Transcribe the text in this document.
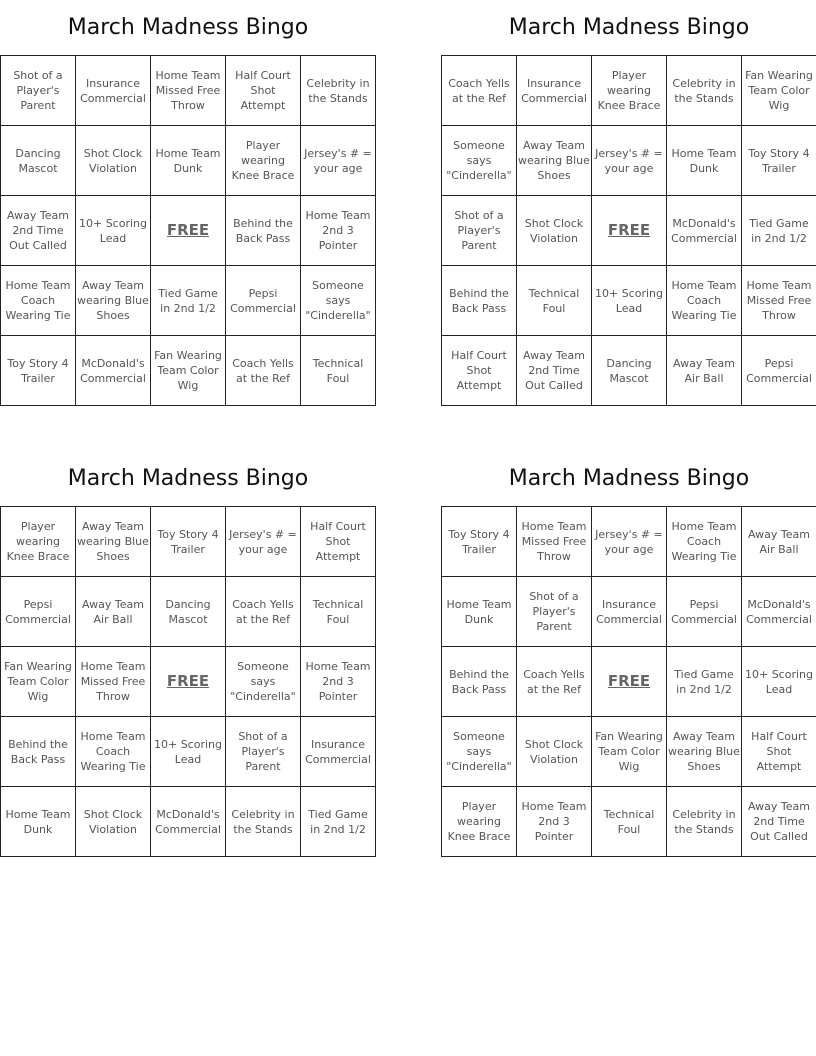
March Madness Bingo
Shot of a Player's Parent	Insurance Commercial	Home Team Missed Free Throw	Half Court Shot Attempt	Celebrity in the Stands
Dancing Mascot	Shot Clock Violation	Home Team Dunk	Player wearing Knee Brace	Jersey's # = your age
Away Team 2nd Time Out Called	10+ Scoring Lead	FREE	Behind the Back Pass	Home Team 2nd 3 Pointer
Home Team Coach Wearing Tie	Away Team wearing Blue Shoes	Tied Game in 2nd 1/2	Pepsi Commercial	Someone says "Cinderella"
Toy Story 4 Trailer	McDonald's Commercial	Fan Wearing Team Color Wig	Coach Yells at the Ref	Technical Foul
March Madness Bingo
Coach Yells at the Ref	Insurance Commercial	Player wearing Knee Brace	Celebrity in the Stands	Fan Wearing Team Color Wig
Someone says "Cinderella"	Away Team wearing Blue Shoes	Jersey's # = your age	Home Team Dunk	Toy Story 4 Trailer
Shot of a Player's Parent	Shot Clock Violation	FREE	McDonald's Commercial	Tied Game in 2nd 1/2
Behind the Back Pass	Technical Foul	10+ Scoring Lead	Home Team Coach Wearing Tie	Home Team Missed Free Throw
Half Court Shot Attempt	Away Team 2nd Time Out Called	Dancing Mascot	Away Team Air Ball	Pepsi Commercial
March Madness Bingo
Player wearing Knee Brace	Away Team wearing Blue Shoes	Toy Story 4 Trailer	Jersey's # = your age	Half Court Shot Attempt
Pepsi Commercial	Away Team Air Ball	Dancing Mascot	Coach Yells at the Ref	Technical Foul
Fan Wearing Team Color Wig	Home Team Missed Free Throw	FREE	Someone says "Cinderella"	Home Team 2nd 3 Pointer
Behind the Back Pass	Home Team Coach Wearing Tie	10+ Scoring Lead	Shot of a Player's Parent	Insurance Commercial
Home Team Dunk	Shot Clock Violation	McDonald's Commercial	Celebrity in the Stands	Tied Game in 2nd 1/2
March Madness Bingo
Toy Story 4 Trailer	Home Team Missed Free Throw	Jersey's # = your age	Home Team Coach Wearing Tie	Away Team Air Ball
Home Team Dunk	Shot of a Player's Parent	Insurance Commercial	Pepsi Commercial	McDonald's Commercial
Behind the Back Pass	Coach Yells at the Ref	FREE	Tied Game in 2nd 1/2	10+ Scoring Lead
Someone says "Cinderella"	Shot Clock Violation	Fan Wearing Team Color Wig	Away Team wearing Blue Shoes	Half Court Shot Attempt
Player wearing Knee Brace	Home Team 2nd 3 Pointer	Technical Foul	Celebrity in the Stands	Away Team 2nd Time Out Called
